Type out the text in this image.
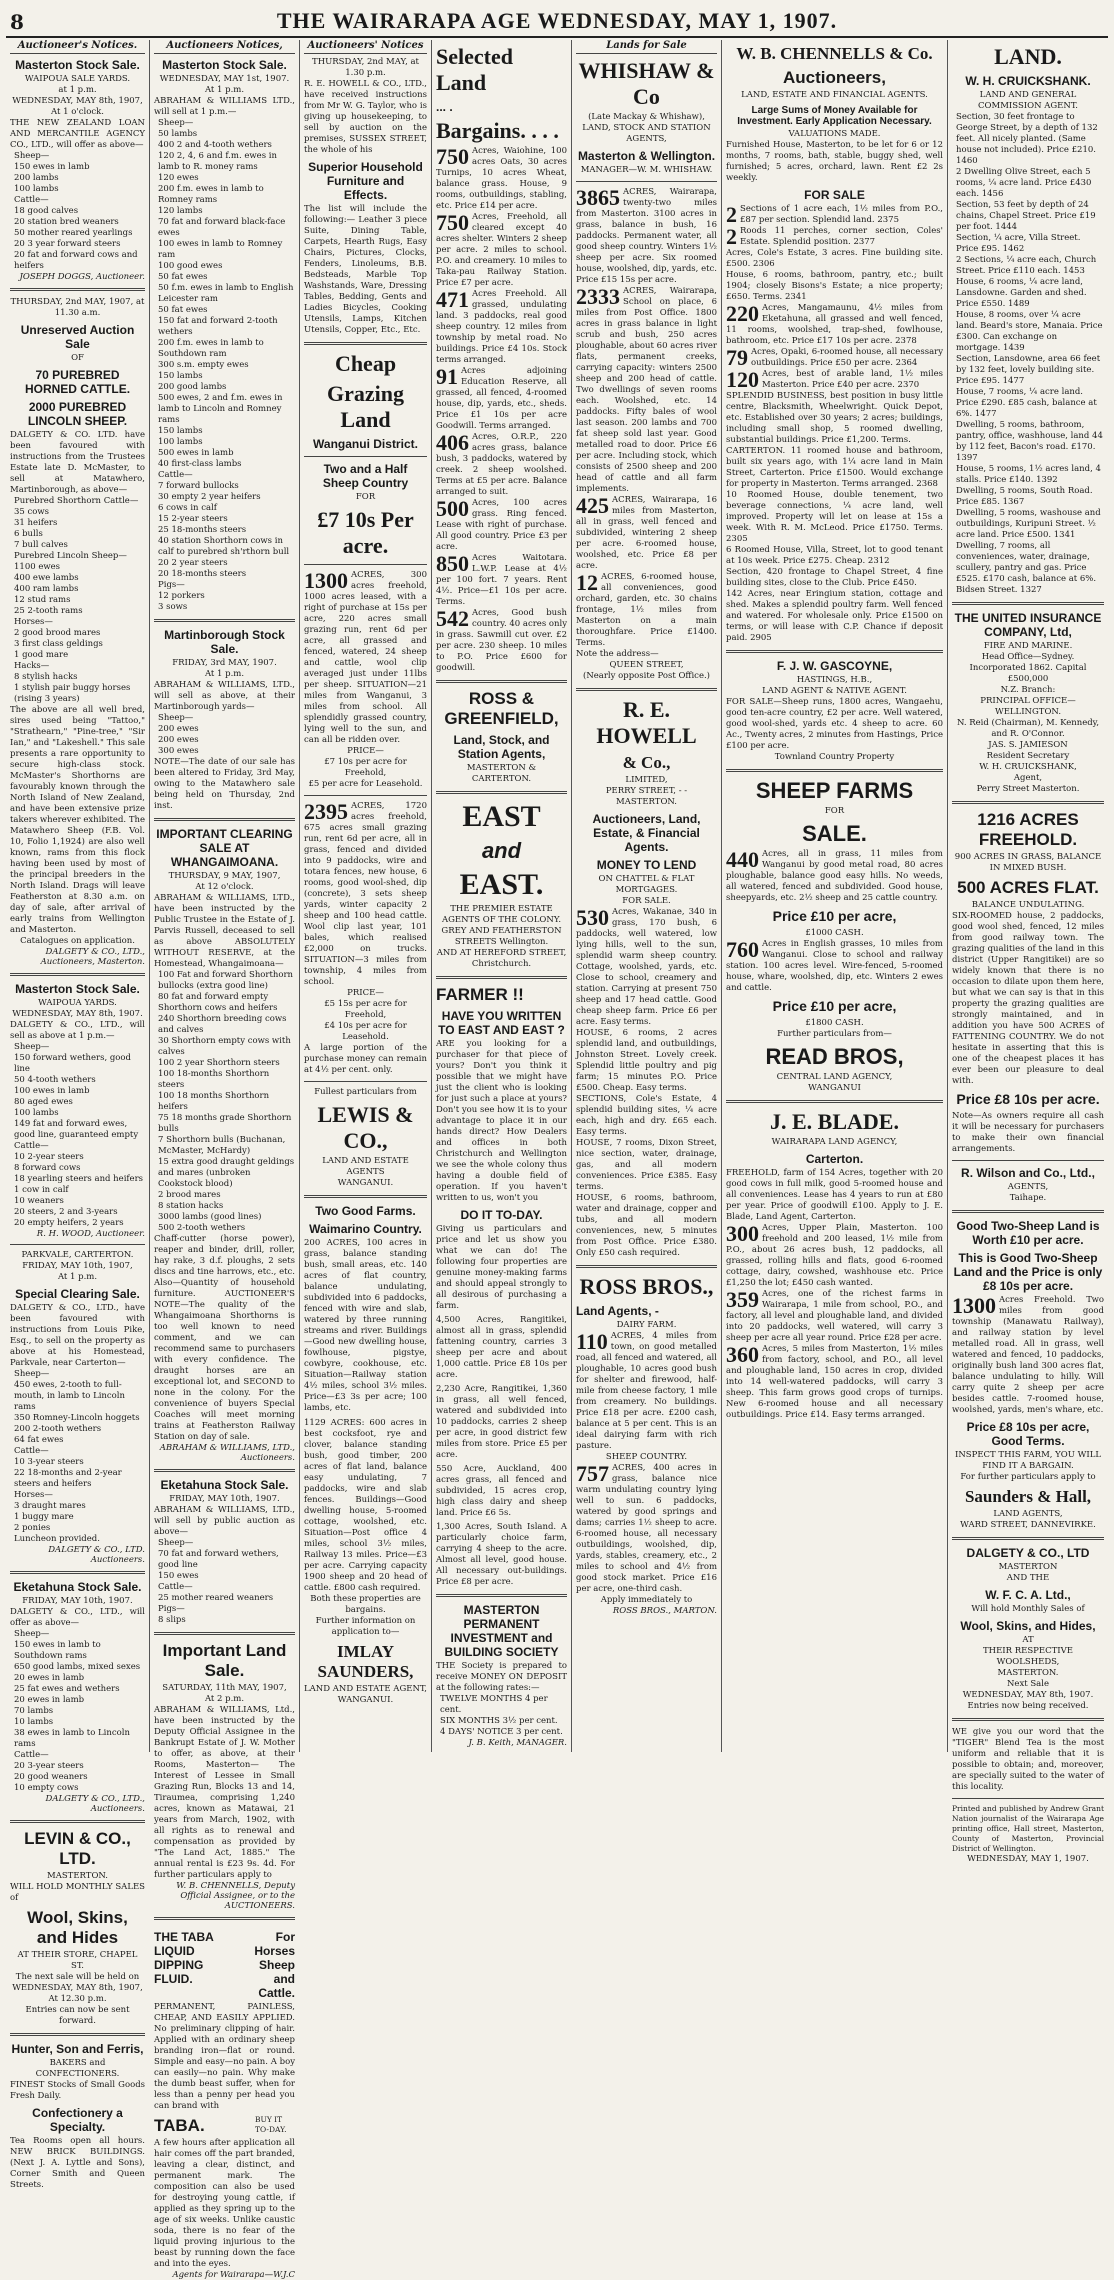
8	THE WAIRARAPA AGE WEDNESDAY, MAY 1, 1907.
Auctioneer's Notices.
Masterton Stock Sale.
WAIPOUA SALE YARDS.
at 1 p.m.
WEDNESDAY, MAY 8th, 1907,
At 1 o'clock.
THE NEW ZEALAND LOAN AND MERCANTILE AGENCY CO., LTD., will offer as above—
Sheep—
150 ewes in lamb
200 lambs
100 lambs
Cattle—
18 good calves
20 station bred weaners
50 mother reared yearlings
20 3 year forward steers
20 fat and forward cows and heifers
JOSEPH DOGGS, Auctioneer.
THURSDAY, 2nd MAY, 1907, at 11.30 a.m.
Unreserved Auction Sale
OF
70 PUREBRED HORNED CATTLE.
2000 PUREBRED LINCOLN SHEEP.
DALGETY & CO. LTD. have been favoured with instructions from the Trustees Estate late D. McMaster, to sell at Matawhero, Martinborough, as above—
Purebred Shorthorn Cattle—
35 cows
31 heifers
6 bulls
7 bull calves
Purebred Lincoln Sheep—
1100 ewes
400 ewe lambs
400 ram lambs
12 stud rams
25 2-tooth rams
Horses—
2 good brood mares
3 first class geldings
1 good mare
Hacks—
8 stylish hacks
1 stylish pair buggy horses (rising 3 years)
The above are all well bred, sires used being "Tattoo," "Strathearn," "Pine-tree," "Sir Ian," and "Lakeshell." This sale presents a rare opportunity to secure high-class stock. McMaster's Shorthorns are favourably known through the North Island of New Zealand, and have been extensive prize takers wherever exhibited. The Matawhero Sheep (F.B. Vol. 10, Folio 1,1924) are also well known, rams from this flock having been used by most of the principal breeders in the North Island. Drags will leave Featherston at 8.30 a.m. on day of sale, after arrival of early trains from Wellington and Masterton.
Catalogues on application.
DALGETY & CO., LTD., Auctioneers, Masterton.
Masterton Stock Sale.
WAIPOUA YARDS.
WEDNESDAY, MAY 8th, 1907.
DALGETY & CO., LTD., will sell as above at 1 p.m.—
Sheep—
150 forward wethers, good line
50 4-tooth wethers
100 ewes in lamb
80 aged ewes
100 lambs
149 fat and forward ewes, good line, guaranteed empty
Cattle—
10 2-year steers
8 forward cows
18 yearling steers and heifers
1 cow in calf
10 weaners
20 steers, 2 and 3-years
20 empty heifers, 2 years
R. H. WOOD, Auctioneer.
PARKVALE, CARTERTON.
FRIDAY, MAY 10th, 1907,
At 1 p.m.
Special Clearing Sale.
DALGETY & CO., LTD., have been favoured with instructions from Louis Pike, Esq., to sell on the property as above at his Homestead, Parkvale, near Carterton—
Sheep—
450 ewes, 2-tooth to full-mouth, in lamb to Lincoln rams
350 Romney-Lincoln hoggets
200 2-tooth wethers
64 fat ewes
Cattle—
10 3-year steers
22 18-months and 2-year steers and heifers
Horses—
3 draught mares
1 buggy mare
2 ponies
Luncheon provided.
DALGETY & CO., LTD. Auctioneers.
Eketahuna Stock Sale.
FRIDAY, MAY 10th, 1907.
DALGETY & CO., LTD., will offer as above—
Sheep—
150 ewes in lamb to Southdown rams
650 good lambs, mixed sexes
20 ewes in lamb
25 fat ewes and wethers
20 ewes in lamb
70 lambs
10 lambs
38 ewes in lamb to Lincoln rams
Cattle—
20 3-year steers
20 good weaners
10 empty cows
DALGETY & CO., LTD., Auctioneers.
LEVIN & CO., LTD.
MASTERTON.
WILL HOLD MONTHLY SALES of
Wool, Skins, and Hides
AT THEIR STORE, CHAPEL ST.
The next sale will be held on WEDNESDAY, MAY 8th, 1907, At 12.30 p.m.
Entries can now be sent forward.
Hunter, Son and Ferris,
BAKERS and CONFECTIONERS.
FINEST Stocks of Small Goods Fresh Daily.
Confectionery a Specialty.
Tea Rooms open all hours. NEW BRICK BUILDINGS. (Next J. A. Lyttle and Sons), Corner Smith and Queen Streets.
Auctioneers Notices,
Masterton Stock Sale.
WEDNESDAY, MAY 1st, 1907.
At 1 p.m.
ABRAHAM & WILLIAMS LTD., will sell at 1 p.m.—
Sheep—
50 lambs
400 2 and 4-tooth wethers
120 2, 4, 6 and f.m. ewes in lamb to R. money rams
120 ewes
200 f.m. ewes in lamb to Romney rams
120 lambs
70 fat and forward black-face ewes
100 ewes in lamb to Romney ram
100 good ewes
50 fat ewes
50 f.m. ewes in lamb to English Leicester ram
50 fat ewes
150 fat and forward 2-tooth wethers
200 f.m. ewes in lamb to Southdown ram
300 s.m. empty ewes
150 lambs
200 good lambs
500 ewes, 2 and f.m. ewes in lamb to Lincoln and Romney rams
150 lambs
100 lambs
500 ewes in lamb
40 first-class lambs
Cattle—
7 forward bullocks
30 empty 2 year heifers
6 cows in calf
15 2-year steers
25 18-months steers
40 station Shorthorn cows in calf to purebred sh'rthorn bull
20 2 year steers
20 18-months steers
Pigs—
12 porkers
3 sows
Martinborough Stock Sale.
FRIDAY, 3rd MAY, 1907.
At 1 p.m.
ABRAHAM & WILLIAMS, LTD., will sell as above, at their Martinborough yards—
Sheep—
200 ewes
200 ewes
300 ewes
NOTE—The date of our sale has been altered to Friday, 3rd May, owing to the Matawhero sale being held on Thursday, 2nd inst.
IMPORTANT CLEARING SALE AT WHANGAIMOANA.
THURSDAY, 9 MAY, 1907,
At 12 o'clock.
ABRAHAM & WILLIAMS, LTD., have been instructed by the Public Trustee in the Estate of J. Parvis Russell, deceased to sell as above ABSOLUTELY WITHOUT RESERVE, at the Homestead, Whangaimoana—
100 Fat and forward Shorthorn bullocks (extra good line)
80 fat and forward empty Shorthorn cows and heifers
240 Shorthorn breeding cows and calves
30 Shorthorn empty cows with calves
100 2 year Shorthorn steers
100 18-months Shorthorn steers
100 18 months Shorthorn heifers
75 18 months grade Shorthorn bulls
7 Shorthorn bulls (Buchanan, McMaster, McHardy)
15 extra good draught geldings and mares (unbroken Cookstock blood)
2 brood mares
8 station hacks
3000 lambs (good lines)
500 2-tooth wethers
Chaff-cutter (horse power), reaper and binder, drill, roller, hay rake, 3 d.f. ploughs, 2 sets discs and tine harrows, etc., etc. Also—Quantity of household furniture. AUCTIONEER'S NOTE—The quality of the Whangaimoana Shorthorns is too well known to need comment, and we can recommend same to purchasers with every confidence. The draught horses are an exceptional lot, and SECOND to none in the colony. For the convenience of buyers Special Coaches will meet morning trains at Featherston Railway Station on day of sale.
ABRAHAM & WILLIAMS, LTD., Auctioneers.
Eketahuna Stock Sale.
FRIDAY, MAY 10th, 1907.
ABRAHAM & WILLIAMS, LTD., will sell by public auction as above—
Sheep—
70 fat and forward wethers, good line
150 ewes
Cattle—
25 mother reared weaners
Pigs—
8 slips
Important Land Sale.
SATURDAY, 11th MAY, 1907,
At 2 p.m.
ABRAHAM & WILLIAMS, Ltd., have been instructed by the Deputy Official Assignee in the Bankrupt Estate of J. W. Mother to offer, as above, at their Rooms, Masterton— The Interest of Lessee in Small Grazing Run, Blocks 13 and 14, Tiraumea, comprising 1,240 acres, known as Matawai, 21 years from March, 1902, with all rights as to renewal and compensation as provided by "The Land Act, 1885." The annual rental is £23 9s. 4d. For further particulars apply to
W. B. CHENNELLS, Deputy Official Assignee, or to the AUCTIONEERS.
THE TABA LIQUID DIPPING FLUID.
For Horses Sheep and Cattle.
PERMANENT, PAINLESS, CHEAP, AND EASILY APPLIED. No preliminary clipping of hair. Applied with an ordinary sheep branding iron—flat or round. Simple and easy—no pain. A boy can easily—no pain. Why make the dumb beast suffer, when for less than a penny per head you can brand with
TABA.	BUY IT TO-DAY.
A few hours after application all hair comes off the part branded, leaving a clear, distinct, and permanent mark. The composition can also be used for destroying young cattle, if applied as they spring up to the age of six weeks. Unlike caustic soda, there is no fear of the liquid proving injurious to the beast by running down the face and into the eyes.
Agents for Wairarapa—W.J.C
Auctioneers' Notices
THURSDAY, 2nd MAY, at 1.30 p.m.
R. E. HOWELL & CO., LTD., have received instructions from Mr W. G. Taylor, who is giving up housekeeping, to sell by auction on the premises, SUSSEX STREET, the whole of his
Superior Household Furniture and Effects.
The list will include the following:— Leather 3 piece Suite, Dining Table, Carpets, Hearth Rugs, Easy Chairs, Pictures, Clocks, Fenders, Linoleums, B.B. Bedsteads, Marble Top Washstands, Ware, Dressing Tables, Bedding, Gents and Ladies Bicycles, Cooking Utensils, Lamps, Kitchen Utensils, Copper, Etc., Etc.
Cheap
Grazing Land
Wanganui District.
Two and a Half Sheep Country
FOR
£7 10s Per acre.
1300 ACRES, 300 acres freehold, 1000 acres leased, with a right of purchase at 15s per acre, 220 acres small grazing run, rent 6d per acre, all grassed and fenced, watered, 24 sheep and cattle, wool clip averaged just under 11lbs per sheep. SITUATION—21 miles from Wanganui, 3 miles from school. All splendidly grassed country, lying well to the sun, and can all be ridden over.
PRICE—
£7 10s per acre for Freehold,
£5 per acre for Leasehold.
2395 ACRES, 1720 acres freehold, 675 acres small grazing run, rent 6d per acre, all in grass, fenced and divided into 9 paddocks, wire and totara fences, new house, 6 rooms, good wool-shed, dip (concrete), 3 sets sheep yards, winter capacity 2 sheep and 100 head cattle. Wool clip last year, 101 bales, which realised £2,000 on trucks. SITUATION—3 miles from township, 4 miles from school.
PRICE—
£5 15s per acre for Freehold,
£4 10s per acre for Leasehold.
A large portion of the purchase money can remain at 4½ per cent. only.
Fullest particulars from
LEWIS & CO.,
LAND AND ESTATE AGENTS
WANGANUI.
Two Good Farms.
Waimarino Country.
200 ACRES, 100 acres in grass, balance standing bush, small areas, etc. 140 acres of flat country, balance undulating, subdivided into 6 paddocks, fenced with wire and slab, watered by three running streams and river. Buildings—Good new dwelling house, fowlhouse, pigstye, cowbyre, cookhouse, etc. Situation—Railway station 4½ miles, school 3½ miles. Price—£3 3s per acre; 100 lambs, etc.
1129 ACRES: 600 acres in best cocksfoot, rye and clover, balance standing bush, good timber, 200 acres of flat land, balance easy undulating, 7 paddocks, wire and slab fences. Buildings—Good dwelling house, 5-roomed cottage, woolshed, etc. Situation—Post office 4 miles, school 3½ miles, Railway 13 miles. Price—£3 per acre. Carrying capacity 1900 sheep and 20 head of cattle. £800 cash required.
Both these properties are bargains.
Further information on application to—
IMLAY SAUNDERS,
LAND AND ESTATE AGENT,
WANGANUI.
Selected Land
... .
Bargains. . . .
750 Acres, Waiohine, 100 acres Oats, 30 acres Turnips, 10 acres Wheat, balance grass. House, 9 rooms, outbuildings, stabling, etc. Price £14 per acre.
750 Acres, Freehold, all cleared except 40 acres shelter. Winters 2 sheep per acre. 2 miles to school. P.O. and creamery. 10 miles to Taka-pau Railway Station. Price £7 per acre.
471 Acres Freehold. All grassed, undulating land. 3 paddocks, real good sheep country. 12 miles from township by metal road. No buildings. Price £4 10s. Stock terms arranged.
91 Acres adjoining Education Reserve, all grassed, all fenced, 4-roomed house, dip, yards, etc., sheds. Price £1 10s per acre Goodwill. Terms arranged.
406 Acres, O.R.P., 220 acres grass, balance bush, 3 paddocks, watered by creek. 2 sheep woolshed. Terms at £5 per acre. Balance arranged to suit.
500 Acres, 100 acres grass. Ring fenced. Lease with right of purchase. All good country. Price £3 per acre.
850 Acres Waitotara. L.W.P. Lease at 4½ per 100 fort. 7 years. Rent 4½. Price—£1 10s per acre. Terms.
542 Acres, Good bush country. 40 acres only in grass. Sawmill cut over. £2 per acre. 230 sheep. 10 miles to P.O. Price £600 for goodwill.
ROSS & GREENFIELD,
Land, Stock, and Station Agents,
MASTERTON & CARTERTON.
EAST
and
EAST.
THE PREMIER ESTATE AGENTS OF THE COLONY.
GREY AND FEATHERSTON STREETS Wellington.
AND AT HEREFORD STREET, Christchurch.
FARMER !!
HAVE YOU WRITTEN TO EAST AND EAST ?
ARE you looking for a purchaser for that piece of yours? Don't you think it possible that we might have just the client who is looking for just such a place at yours? Don't you see how it is to your advantage to place it in our hands direct? How Dealers and offices in both Christchurch and Wellington we see the whole colony thus having a double field of operation. If you haven't written to us, won't you
DO IT TO-DAY.
Giving us particulars and price and let us show you what we can do! The following four properties are genuine money-making farms and should appeal strongly to all desirous of purchasing a farm.
4,500 Acres, Rangitikei, almost all in grass, splendid fattening country, carries 3 sheep per acre and about 1,000 cattle. Price £8 10s per acre.
2,230 Acre, Rangitikei, 1,360 in grass, all well fenced, watered and subdivided into 10 paddocks, carries 2 sheep per acre, in good district few miles from store. Price £5 per acre.
550 Acre, Auckland, 400 acres grass, all fenced and subdivided, 15 acres crop, high class dairy and sheep land. Price £6 5s.
1,300 Acres, South Island. A particularly choice farm, carrying 4 sheep to the acre. Almost all level, good house. All necessary out-buildings. Price £8 per acre.
MASTERTON PERMANENT INVESTMENT and BUILDING SOCIETY
THE Society is prepared to receive MONEY ON DEPOSIT at the following rates:—
TWELVE MONTHS 4 per cent.
SIX MONTHS 3½ per cent.
4 DAYS' NOTICE 3 per cent.
J. B. Keith, MANAGER.
Lands for Sale
WHISHAW & Co
(Late Mackay & Whishaw),
LAND, STOCK AND STATION AGENTS,
Masterton & Wellington.
MANAGER—W. M. WHISHAW.
3865 ACRES, Wairarapa, twenty-two miles from Masterton. 3100 acres in grass, balance in bush, 16 paddocks. Permanent water, all good sheep country. Winters 1½ sheep per acre. Six roomed house, woolshed, dip, yards, etc. Price £15 15s per acre.
2333 ACRES, Wairarapa, School on place, 6 miles from Post Office. 1800 acres in grass balance in light scrub and bush, 250 acres ploughable, about 60 acres river flats, permanent creeks, carrying capacity: winters 2500 sheep and 200 head of cattle. Two dwellings of seven rooms each. Woolshed, etc. 14 paddocks. Fifty bales of wool last season. 200 lambs and 700 fat sheep sold last year. Good metalled road to door. Price £6 per acre. Including stock, which consists of 2500 sheep and 200 head of cattle and all farm implements.
425 ACRES, Wairarapa, 16 miles from Masterton, all in grass, well fenced and subdivided, wintering 2 sheep per acre. 6-roomed house, woolshed, etc. Price £8 per acre.
12 ACRES, 6-roomed house, all conveniences, good orchard, garden, etc. 30 chains frontage, 1½ miles from Masterton on a main thoroughfare. Price £1400. Terms.
Note the address—
QUEEN STREET,
(Nearly opposite Post Office.)
R. E. HOWELL
& Co.,
LIMITED,
PERRY STREET, - - MASTERTON.
Auctioneers, Land, Estate, & Financial Agents.
MONEY TO LEND
ON CHATTEL & FLAT MORTGAGES.
FOR SALE.
530 Acres, Wakanae, 340 in grass, 170 bush, 6 paddocks, well watered, low lying hills, well to the sun, splendid warm sheep country. Cottage, woolshed, yards, etc. Close to school, creamery and station. Carrying at present 750 sheep and 17 head cattle. Good cheap sheep farm. Price £6 per acre. Easy terms.
HOUSE, 6 rooms, 2 acres splendid land, and outbuildings, Johnston Street. Lovely creek. Splendid little poultry and pig farm; 15 minutes P.O. Price £500. Cheap. Easy terms.
SECTIONS, Cole's Estate, 4 splendid building sites, ¼ acre each, high and dry. £65 each. Easy terms.
HOUSE, 7 rooms, Dixon Street, nice section, water, drainage, gas, and all modern conveniences. Price £385. Easy terms.
HOUSE, 6 rooms, bathroom, water and drainage, copper and tubs, and all modern conveniences, new, 5 minutes from Post Office. Price £380. Only £50 cash required.
ROSS BROS.,
Land Agents, -
DAIRY FARM.
110 ACRES, 4 miles from town, on good metalled road, all fenced and watered, all ploughable, 10 acres good bush for shelter and firewood, half-mile from cheese factory, 1 mile from creamery. No buildings. Price £18 per acre. £200 cash, balance at 5 per cent. This is an ideal dairying farm with rich pasture.
SHEEP COUNTRY.
757 ACRES, 400 acres in grass, balance nice warm undulating country lying well to sun. 6 paddocks, watered by good springs and dams; carries 1½ sheep to acre. 6-roomed house, all necessary outbuildings, woolshed, dip, yards, stables, creamery, etc., 2 miles to school and 4½ from good stock market. Price £16 per acre, one-third cash.
Apply immediately to
ROSS BROS., MARTON.
W. B. CHENNELLS & Co.
Auctioneers,
LAND, ESTATE AND FINANCIAL AGENTS.
Large Sums of Money Available for Investment. Early Application Necessary.
VALUATIONS MADE.
Furnished House, Masterton, to be let for 6 or 12 months, 7 rooms, bath, stable, buggy shed, well furnished; 5 acres, orchard, lawn. Rent £2 2s weekly.
FOR SALE
2 Sections of 1 acre each, 1½ miles from P.O., £87 per section. Splendid land. 2375
2 Roods 11 perches, corner section, Coles' Estate. Splendid position. 2377
Acres, Cole's Estate, 3 acres. Fine building site. £500. 2306
House, 6 rooms, bathroom, pantry, etc.; built 1904; closely Bisons's Estate; a nice property; £650. Terms. 2341
220 Acres, Mangamaunu, 4½ miles from Eketahuna, all grassed and well fenced, 11 rooms, woolshed, trap-shed, fowlhouse, bathroom, etc. Price £17 10s per acre. 2378
79 Acres, Opaki, 6-roomed house, all necessary outbuildings. Price £50 per acre. 2364
120 Acres, best of arable land, 1½ miles Masterton. Price £40 per acre. 2370
SPLENDID BUSINESS, best position in busy little centre, Blacksmith, Wheelwright. Quick Depot, etc. Established over 30 years; 2 acres; buildings, including small shop, 5 roomed dwelling, substantial buildings. Price £1,200. Terms.
CARTERTON. 11 roomed house and bathroom, built six years ago, with 1¼ acre land in Main Street, Carterton. Price £1500. Would exchange for property in Masterton. Terms arranged. 2368
10 Roomed House, double tenement, two beverage connections, ¼ acre land, well improved. Property will let on lease at 15s a week. With R. M. McLeod. Price £1750. Terms. 2305
6 Roomed House, Villa, Street, lot to good tenant at 10s week. Price £275. Cheap. 2312
Section, 420 frontage to Chapel Street, 4 fine building sites, close to the Club. Price £450.
142 Acres, near Eringium station, cottage and shed. Makes a splendid poultry farm. Well fenced and watered. For wholesale only. Price £1500 on terms, or will lease with C.P. Chance if deposit paid. 2905
F. J. W. GASCOYNE,
HASTINGS, H.B.,
LAND AGENT & NATIVE AGENT.
FOR SALE—Sheep runs, 1800 acres, Wangaehu, good ten-acre country, £2 per acre. Well watered, good wool-shed, yards etc. 4 sheep to acre. 60 Ac., Twenty acres, 2 minutes from Hastings, Price £100 per acre.
Townland Country Property
SHEEP FARMS
FOR
SALE.
440 Acres, all in grass, 11 miles from Wanganui by good metal road, 80 acres ploughable, balance good easy hills. No weeds, all watered, fenced and subdivided. Good house, sheepyards, etc. 2½ sheep and 25 cattle country.
Price £10 per acre,
£1000 CASH.
760 Acres in English grasses, 10 miles from Wanganui. Close to school and railway station. 100 acres level. Wire-fenced, 5-roomed house, whare, woolshed, dip, etc. Winters 2 ewes and cattle.
Price £10 per acre,
£1800 CASH.
Further particulars from—
READ BROS,
CENTRAL LAND AGENCY,
WANGANUI
J. E. BLADE.
WAIRARAPA LAND AGENCY,
Carterton.
FREEHOLD, farm of 154 Acres, together with 20 good cows in full milk, good 5-roomed house and all conveniences. Lease has 4 years to run at £80 per year. Price of goodwill £100. Apply to J. E. Blade, Land Agent, Carterton.
300 Acres, Upper Plain, Masterton. 100 freehold and 200 leased, 1½ mile from P.O., about 26 acres bush, 12 paddocks, all grassed, rolling hills and flats, good 6-roomed cottage, dairy, cowshed, washhouse etc. Price £1,250 the lot; £450 cash wanted.
359 Acres, one of the richest farms in Wairarapa, 1 mile from school, P.O., and factory, all level and ploughable land, and divided into 20 paddocks, well watered, will carry 3 sheep per acre all year round. Price £28 per acre.
360 Acres, 5 miles from Masterton, 1½ miles from factory, school, and P.O., all level and ploughable land, 150 acres in crop, divided into 14 well-watered paddocks, will carry 3 sheep. This farm grows good crops of turnips. New 6-roomed house and all necessary outbuildings. Price £14. Easy terms arranged.
LAND.
W. H. CRUICKSHANK.
LAND AND GENERAL COMMISSION AGENT.
Section, 30 feet frontage to George Street, by a depth of 132 feet. All nicely planted. (Same house not included). Price £210. 1460
2 Dwelling Olive Street, each 5 rooms, ¼ acre land. Price £430 each. 1456
Section, 53 feet by depth of 24 chains, Chapel Street. Price £19 per foot. 1444
Section, ¼ acre, Villa Street. Price £95. 1462
2 Sections, ¼ acre each, Church Street. Price £110 each. 1453
House, 6 rooms, ¼ acre land, Lansdowne. Garden and shed. Price £550. 1489
House, 8 rooms, over ¼ acre land. Beard's store, Manaia. Price £300. Can exchange on mortgage. 1439
Section, Lansdowne, area 66 feet by 132 feet, lovely building site. Price £95. 1477
House, 7 rooms, ¼ acre land. Price £290. £85 cash, balance at 6%. 1477
Dwelling, 5 rooms, bathroom, pantry, office, washhouse, land 44 by 112 feet, Bacon's road. £170. 1397
House, 5 rooms, 1½ acres land, 4 stalls. Price £140. 1392
Dwelling, 5 rooms, South Road. Price £85. 1367
Dwelling, 5 rooms, washouse and outbuildings, Kuripuni Street. ½ acre land. Price £500. 1341
Dwelling, 7 rooms, all conveniences, water, drainage, scullery, pantry and gas. Price £525. £170 cash, balance at 6%. Bidsen Street. 1327
THE UNITED INSURANCE COMPANY, Ltd,
FIRE AND MARINE.
Head Office—Sydney.
Incorporated 1862. Capital £500,000
N.Z. Branch:
PRINCIPAL OFFICE—WELLINGTON.
N. Reid (Chairman), M. Kennedy, and R. O'Connor.
JAS. S. JAMIESON
Resident Secretary
W. H. CRUICKSHANK,
Agent,
Perry Street Masterton.
1216 ACRES FREEHOLD.
900 ACRES IN GRASS, BALANCE IN MIXED BUSH.
500 ACRES FLAT.
BALANCE UNDULATING.
SIX-ROOMED house, 2 paddocks, good wool shed, fenced, 12 miles from good railway town. The grazing qualities of the land in this district (Upper Rangitikei) are so widely known that there is no occasion to dilate upon them here, but what we can say is that in this property the grazing qualities are strongly maintained, and in addition you have 500 ACRES of FATTENING COUNTRY. We do not hesitate in asserting that this is one of the cheapest places it has ever been our pleasure to deal with.
Price £8 10s per acre.
Note—As owners require all cash it will be necessary for purchasers to make their own financial arrangements.
R. Wilson and Co., Ltd.,
AGENTS,
Taihape.
Good Two-Sheep Land is Worth £10 per acre.
This is Good Two-Sheep Land and the Price is only £8 10s per acre.
1300 Acres Freehold. Two miles from good township (Manawatu Railway), and railway station by level metalled road. All in grass, well watered and fenced, 10 paddocks, originally bush land 300 acres flat, balance undulating to hilly. Will carry quite 2 sheep per acre besides cattle. 7-roomed house, woolshed, yards, men's whare, etc.
Price £8 10s per acre, Good Terms.
INSPECT THIS FARM, YOU WILL FIND IT A BARGAIN.
For further particulars apply to
Saunders & Hall,
LAND AGENTS,
WARD STREET, DANNEVIRKE.
DALGETY & CO., LTD
MASTERTON
AND THE
W. F. C. A. Ltd.,
Will hold Monthly Sales of
Wool, Skins, and Hides,
AT
THEIR RESPECTIVE WOOLSHEDS,
MASTERTON.
Next Sale
WEDNESDAY, MAY 8th, 1907.
Entries now being received.
WE give you our word that the "TIGER" Blend Tea is the most uniform and reliable that it is possible to obtain; and, moreover, are specially suited to the water of this locality.
Printed and published by Andrew Grant Nation journalist of the Wairarapa Age printing office, Hall street, Masterton, County of Masterton, Provincial District of Wellington.
WEDNESDAY, MAY 1, 1907.
